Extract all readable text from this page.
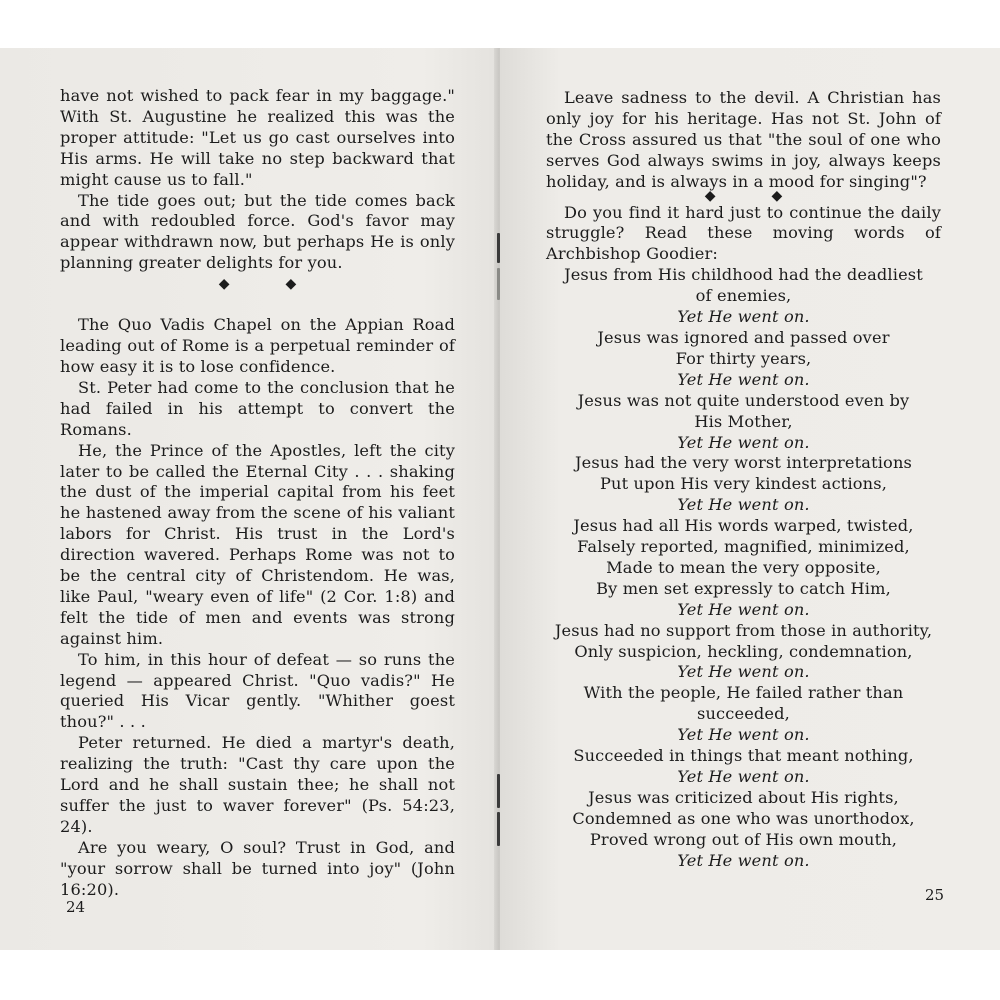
have not wished to pack fear in my baggage." With St. Augustine he realized this was the proper attitude: "Let us go cast ourselves into His arms. He will take no step backward that might cause us to fall."

The tide goes out; but the tide comes back and with redoubled force. God's favor may appear withdrawn now, but perhaps He is only planning greater delights for you.

◆	◆

The Quo Vadis Chapel on the Appian Road leading out of Rome is a perpetual reminder of how easy it is to lose confidence.

St. Peter had come to the conclusion that he had failed in his attempt to convert the Romans.

He, the Prince of the Apostles, left the city later to be called the Eternal City . . . shaking the dust of the imperial capital from his feet he hastened away from the scene of his valiant labors for Christ. His trust in the Lord's direction wavered. Perhaps Rome was not to be the central city of Christendom. He was, like Paul, "weary even of life" (2 Cor. 1:8) and felt the tide of men and events was strong against him.

To him, in this hour of defeat — so runs the legend — appeared Christ. "Quo vadis?" He queried His Vicar gently. "Whither goest thou?" . . .

Peter returned. He died a martyr's death, realizing the truth: "Cast thy care upon the Lord and he shall sustain thee; he shall not suffer the just to waver forever" (Ps. 54:23, 24).

Are you weary, O soul? Trust in God, and "your sorrow shall be turned into joy" (John 16:20).

24

Leave sadness to the devil. A Christian has only joy for his heritage. Has not St. John of the Cross assured us that "the soul of one who serves God always swims in joy, always keeps holiday, and is always in a mood for singing"?

◆	◆

Do you find it hard just to continue the daily struggle? Read these moving words of Archbishop Goodier:

Jesus from His childhood had the deadliest
of enemies,
Yet He went on.
Jesus was ignored and passed over
For thirty years,
Yet He went on.
Jesus was not quite understood even by
His Mother,
Yet He went on.
Jesus had the very worst interpretations
Put upon His very kindest actions,
Yet He went on.
Jesus had all His words warped, twisted,
Falsely reported, magnified, minimized,
Made to mean the very opposite,
By men set expressly to catch Him,
Yet He went on.
Jesus had no support from those in authority,
Only suspicion, heckling, condemnation,
Yet He went on.
With the people, He failed rather than
succeeded,
Yet He went on.
Succeeded in things that meant nothing,
Yet He went on.
Jesus was criticized about His rights,
Condemned as one who was unorthodox,
Proved wrong out of His own mouth,
Yet He went on.
25
